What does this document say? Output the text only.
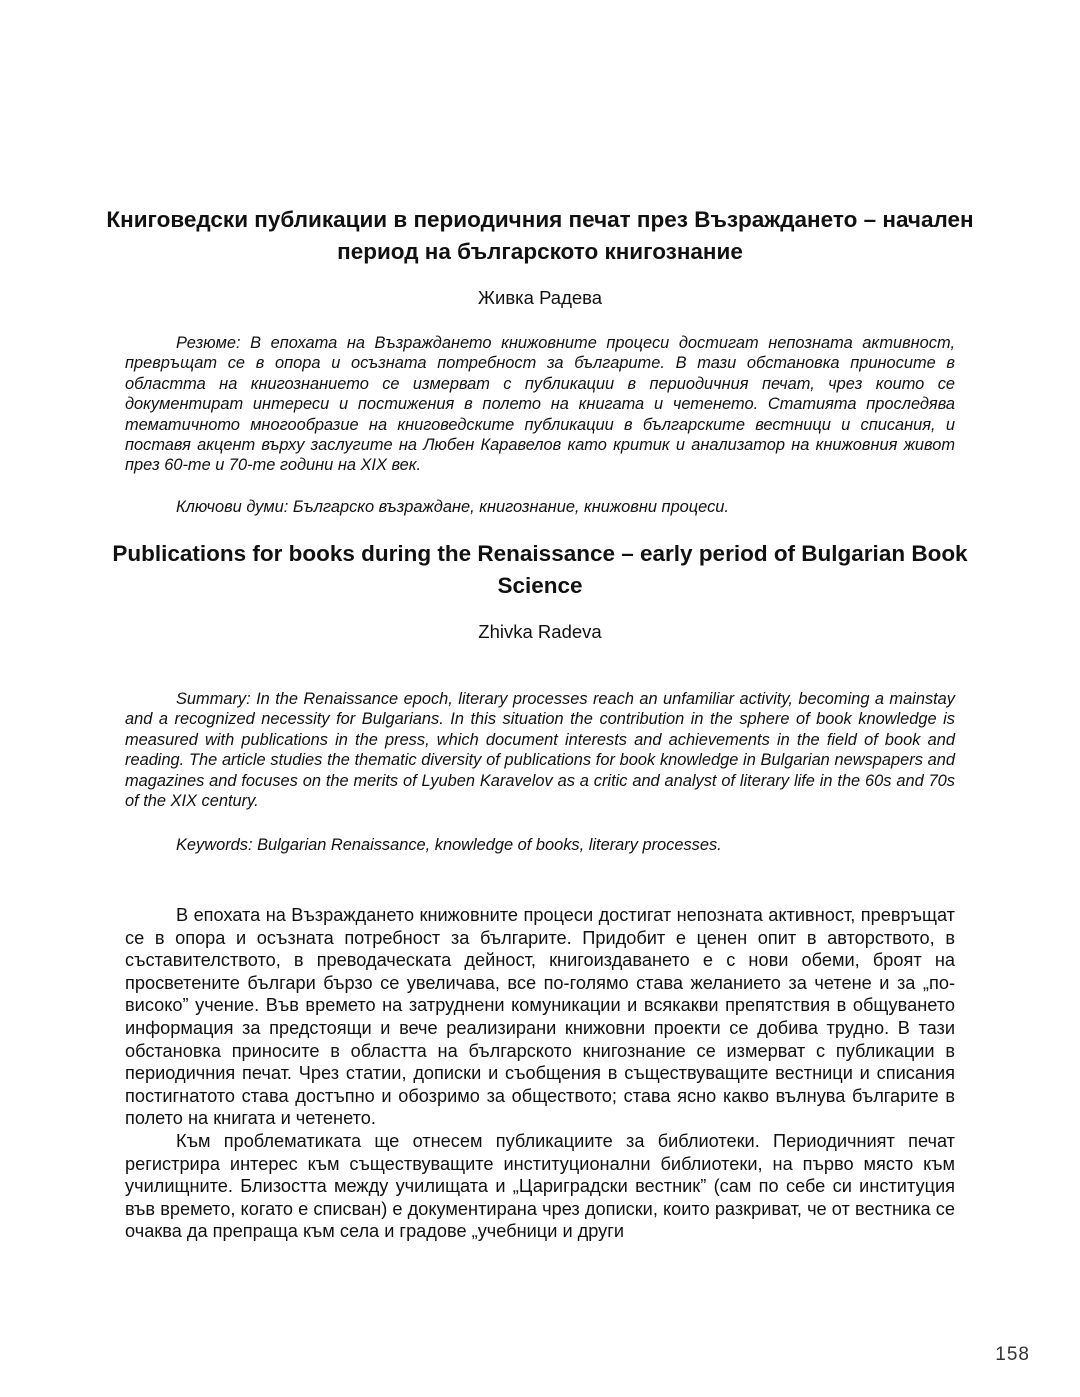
Книговедски публикации в периодичния печат през Възраждането – начален период на българското книгознание

Живка Радева

Резюме: В епохата на Възраждането книжовните процеси достигат непозната активност, превръщат се в опора и осъзната потребност за българите. В тази обстановка приносите в областта на книгознанието се измерват с публикации в периодичния печат, чрез които се документират интереси и постижения в полето на книгата и четенето. Статията проследява тематичното многообразие на книговедските публикации в българските вестници и списания, и поставя акцент върху заслугите на Любен Каравелов като критик и анализатор на книжовния живот през 60-те и 70-те години на XIX век.

Ключови думи: Българско възраждане, книгознание, книжовни процеси.

Publications for books during the Renaissance – early period of Bulgarian Book Science

Zhivka Radeva

Summary: In the Renaissance epoch, literary processes reach an unfamiliar activity, becoming a mainstay and a recognized necessity for Bulgarians. In this situation the contribution in the sphere of book knowledge is measured with publications in the press, which document interests and achievements in the field of book and reading. The article studies the thematic diversity of publications for book knowledge in Bulgarian newspapers and magazines and focuses on the merits of Lyuben Karavelov as a critic and analyst of literary life in the 60s and 70s of the XIX century.

Keywords: Bulgarian Renaissance, knowledge of books, literary processes.

В епохата на Възраждането книжовните процеси достигат непозната активност, превръщат се в опора и осъзната потребност за българите. Придобит е ценен опит в авторството, в съставителството, в преводаческата дейност, книгоиздаването е с нови обеми, броят на просветените българи бързо се увеличава, все по-голямо става желанието за четене и за „по-високо” учение. Във времето на затруднени комуникации и всякакви препятствия в общуването информация за предстоящи и вече реализирани книжовни проекти се добива трудно. В тази обстановка приносите в областта на българското книгознание се измерват с публикации в периодичния печат. Чрез статии, дописки и съобщения в съществуващите вестници и списания постигнатото става достъпно и обозримо за обществото; става ясно какво вълнува българите в полето на книгата и четенето.

Към проблематиката ще отнесем публикациите за библиотеки. Периодичният печат регистрира интерес към съществуващите институционални библиотеки, на първо място към училищните. Близостта между училищата и „Цариградски вестник” (сам по себе си институция във времето, когато е списван) е документирана чрез дописки, които разкриват, че от вестника се очаква да препраща към села и градове „учебници и други

158
